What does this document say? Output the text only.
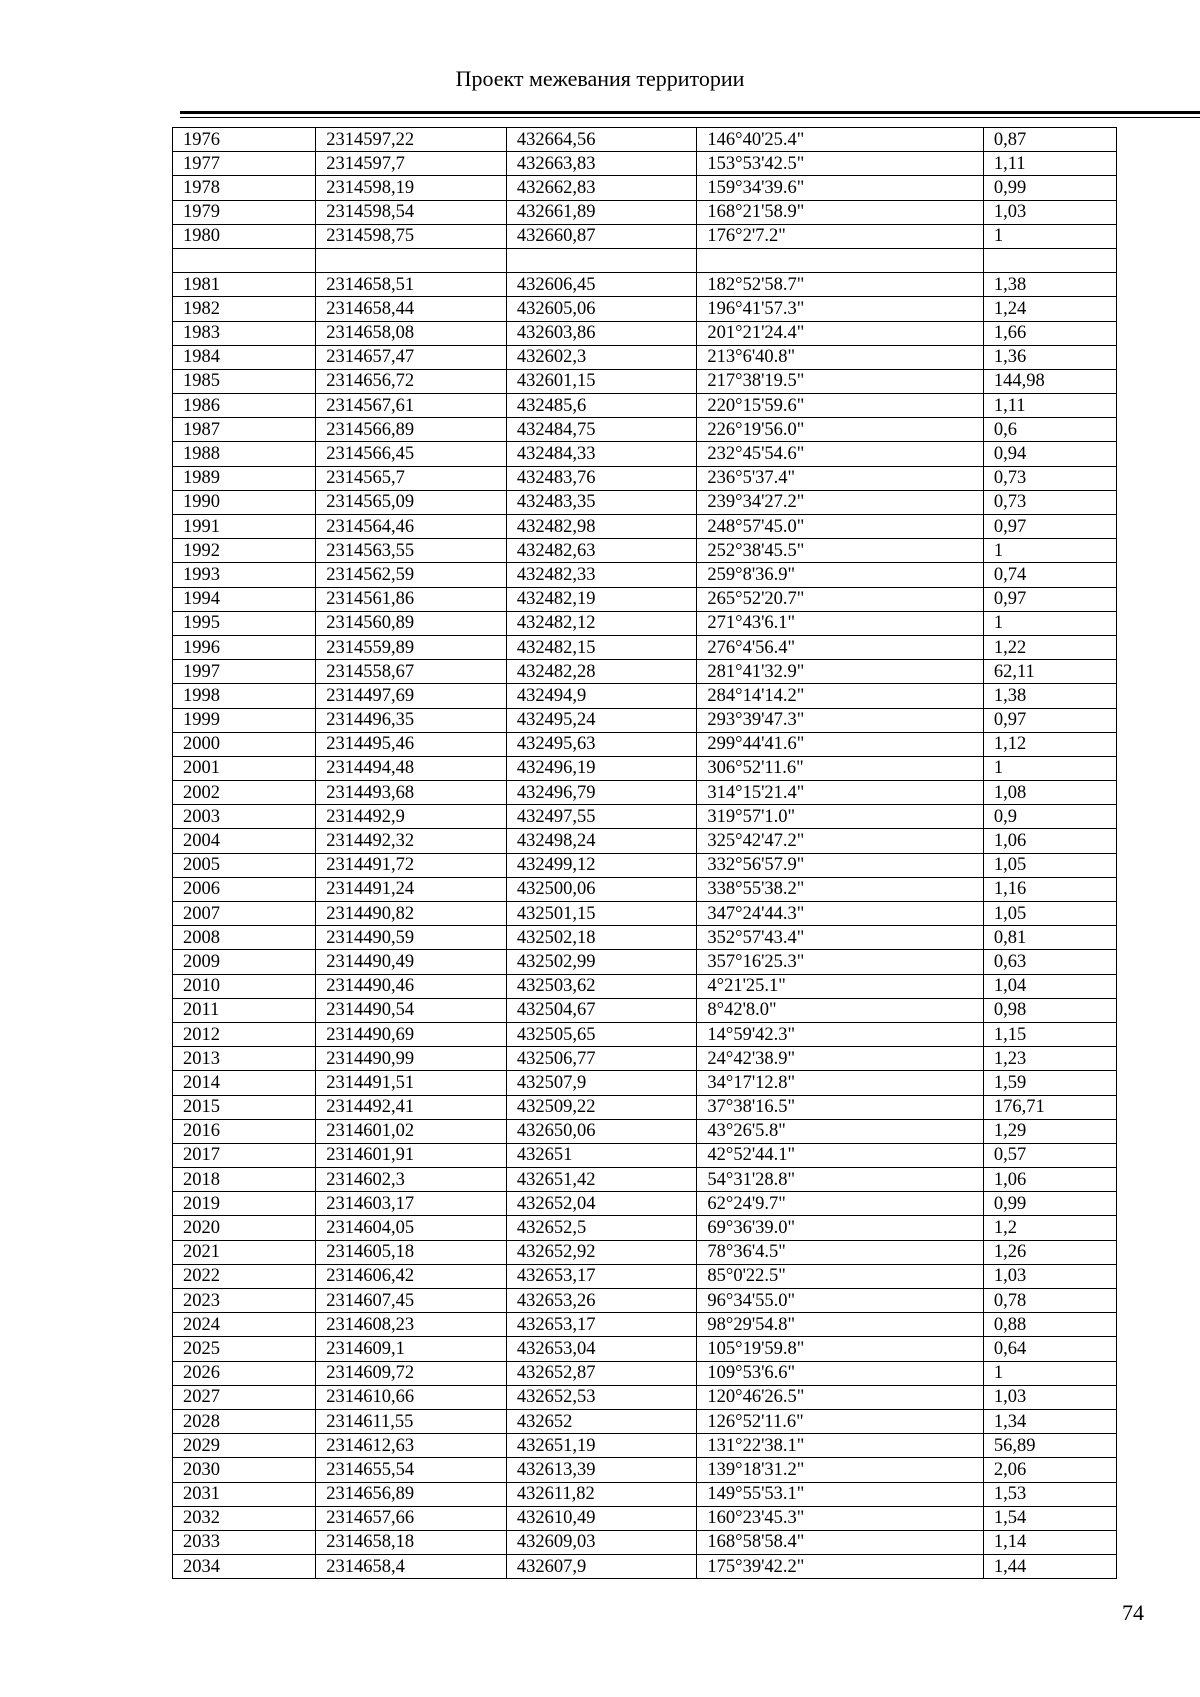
Проект межевания территории
1976	2314597,22	432664,56	146°40'25.4"	0,87
1977	2314597,7	432663,83	153°53'42.5"	1,11
1978	2314598,19	432662,83	159°34'39.6"	0,99
1979	2314598,54	432661,89	168°21'58.9"	1,03
1980	2314598,75	432660,87	176°2'7.2"	1

1981	2314658,51	432606,45	182°52'58.7"	1,38
1982	2314658,44	432605,06	196°41'57.3"	1,24
1983	2314658,08	432603,86	201°21'24.4"	1,66
1984	2314657,47	432602,3	213°6'40.8"	1,36
1985	2314656,72	432601,15	217°38'19.5"	144,98
1986	2314567,61	432485,6	220°15'59.6"	1,11
1987	2314566,89	432484,75	226°19'56.0"	0,6
1988	2314566,45	432484,33	232°45'54.6"	0,94
1989	2314565,7	432483,76	236°5'37.4"	0,73
1990	2314565,09	432483,35	239°34'27.2"	0,73
1991	2314564,46	432482,98	248°57'45.0"	0,97
1992	2314563,55	432482,63	252°38'45.5"	1
1993	2314562,59	432482,33	259°8'36.9"	0,74
1994	2314561,86	432482,19	265°52'20.7"	0,97
1995	2314560,89	432482,12	271°43'6.1"	1
1996	2314559,89	432482,15	276°4'56.4"	1,22
1997	2314558,67	432482,28	281°41'32.9"	62,11
1998	2314497,69	432494,9	284°14'14.2"	1,38
1999	2314496,35	432495,24	293°39'47.3"	0,97
2000	2314495,46	432495,63	299°44'41.6"	1,12
2001	2314494,48	432496,19	306°52'11.6"	1
2002	2314493,68	432496,79	314°15'21.4"	1,08
2003	2314492,9	432497,55	319°57'1.0"	0,9
2004	2314492,32	432498,24	325°42'47.2"	1,06
2005	2314491,72	432499,12	332°56'57.9"	1,05
2006	2314491,24	432500,06	338°55'38.2"	1,16
2007	2314490,82	432501,15	347°24'44.3"	1,05
2008	2314490,59	432502,18	352°57'43.4"	0,81
2009	2314490,49	432502,99	357°16'25.3"	0,63
2010	2314490,46	432503,62	4°21'25.1"	1,04
2011	2314490,54	432504,67	8°42'8.0"	0,98
2012	2314490,69	432505,65	14°59'42.3"	1,15
2013	2314490,99	432506,77	24°42'38.9"	1,23
2014	2314491,51	432507,9	34°17'12.8"	1,59
2015	2314492,41	432509,22	37°38'16.5"	176,71
2016	2314601,02	432650,06	43°26'5.8"	1,29
2017	2314601,91	432651	42°52'44.1"	0,57
2018	2314602,3	432651,42	54°31'28.8"	1,06
2019	2314603,17	432652,04	62°24'9.7"	0,99
2020	2314604,05	432652,5	69°36'39.0"	1,2
2021	2314605,18	432652,92	78°36'4.5"	1,26
2022	2314606,42	432653,17	85°0'22.5"	1,03
2023	2314607,45	432653,26	96°34'55.0"	0,78
2024	2314608,23	432653,17	98°29'54.8"	0,88
2025	2314609,1	432653,04	105°19'59.8"	0,64
2026	2314609,72	432652,87	109°53'6.6"	1
2027	2314610,66	432652,53	120°46'26.5"	1,03
2028	2314611,55	432652	126°52'11.6"	1,34
2029	2314612,63	432651,19	131°22'38.1"	56,89
2030	2314655,54	432613,39	139°18'31.2"	2,06
2031	2314656,89	432611,82	149°55'53.1"	1,53
2032	2314657,66	432610,49	160°23'45.3"	1,54
2033	2314658,18	432609,03	168°58'58.4"	1,14
2034	2314658,4	432607,9	175°39'42.2"	1,44
74
